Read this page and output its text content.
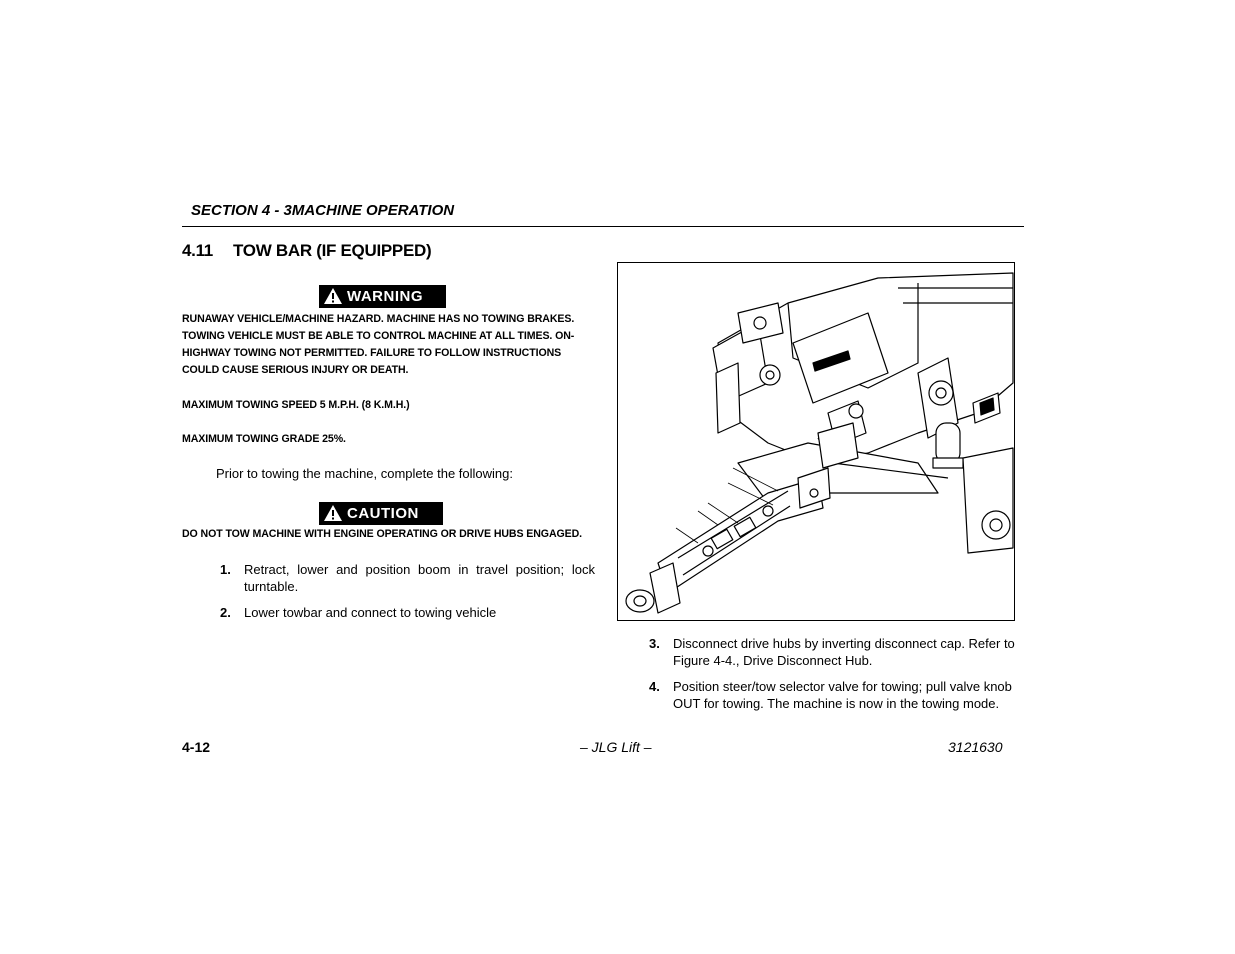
SECTION 4 - 3MACHINE OPERATION
4.11 TOW BAR (IF EQUIPPED)
WARNING
RUNAWAY VEHICLE/MACHINE HAZARD. MACHINE HAS NO TOWING BRAKES. TOWING VEHICLE MUST BE ABLE TO CONTROL MACHINE AT ALL TIMES. ON-HIGHWAY TOWING NOT PERMITTED. FAILURE TO FOLLOW INSTRUCTIONS COULD CAUSE SERIOUS INJURY OR DEATH.
MAXIMUM TOWING SPEED 5 M.P.H. (8 K.M.H.)
MAXIMUM TOWING GRADE 25%.
Prior to towing the machine, complete the following:
CAUTION
DO NOT TOW MACHINE WITH ENGINE OPERATING OR DRIVE HUBS ENGAGED.
1. Retract, lower and position boom in travel position; lock turntable.
2. Lower towbar and connect to towing vehicle
3. Disconnect drive hubs by inverting disconnect cap. Refer to Figure 4-4., Drive Disconnect Hub.
4. Position steer/tow selector valve for towing; pull valve knob OUT for towing. The machine is now in the towing mode.
4-12	– JLG Lift –	3121630
